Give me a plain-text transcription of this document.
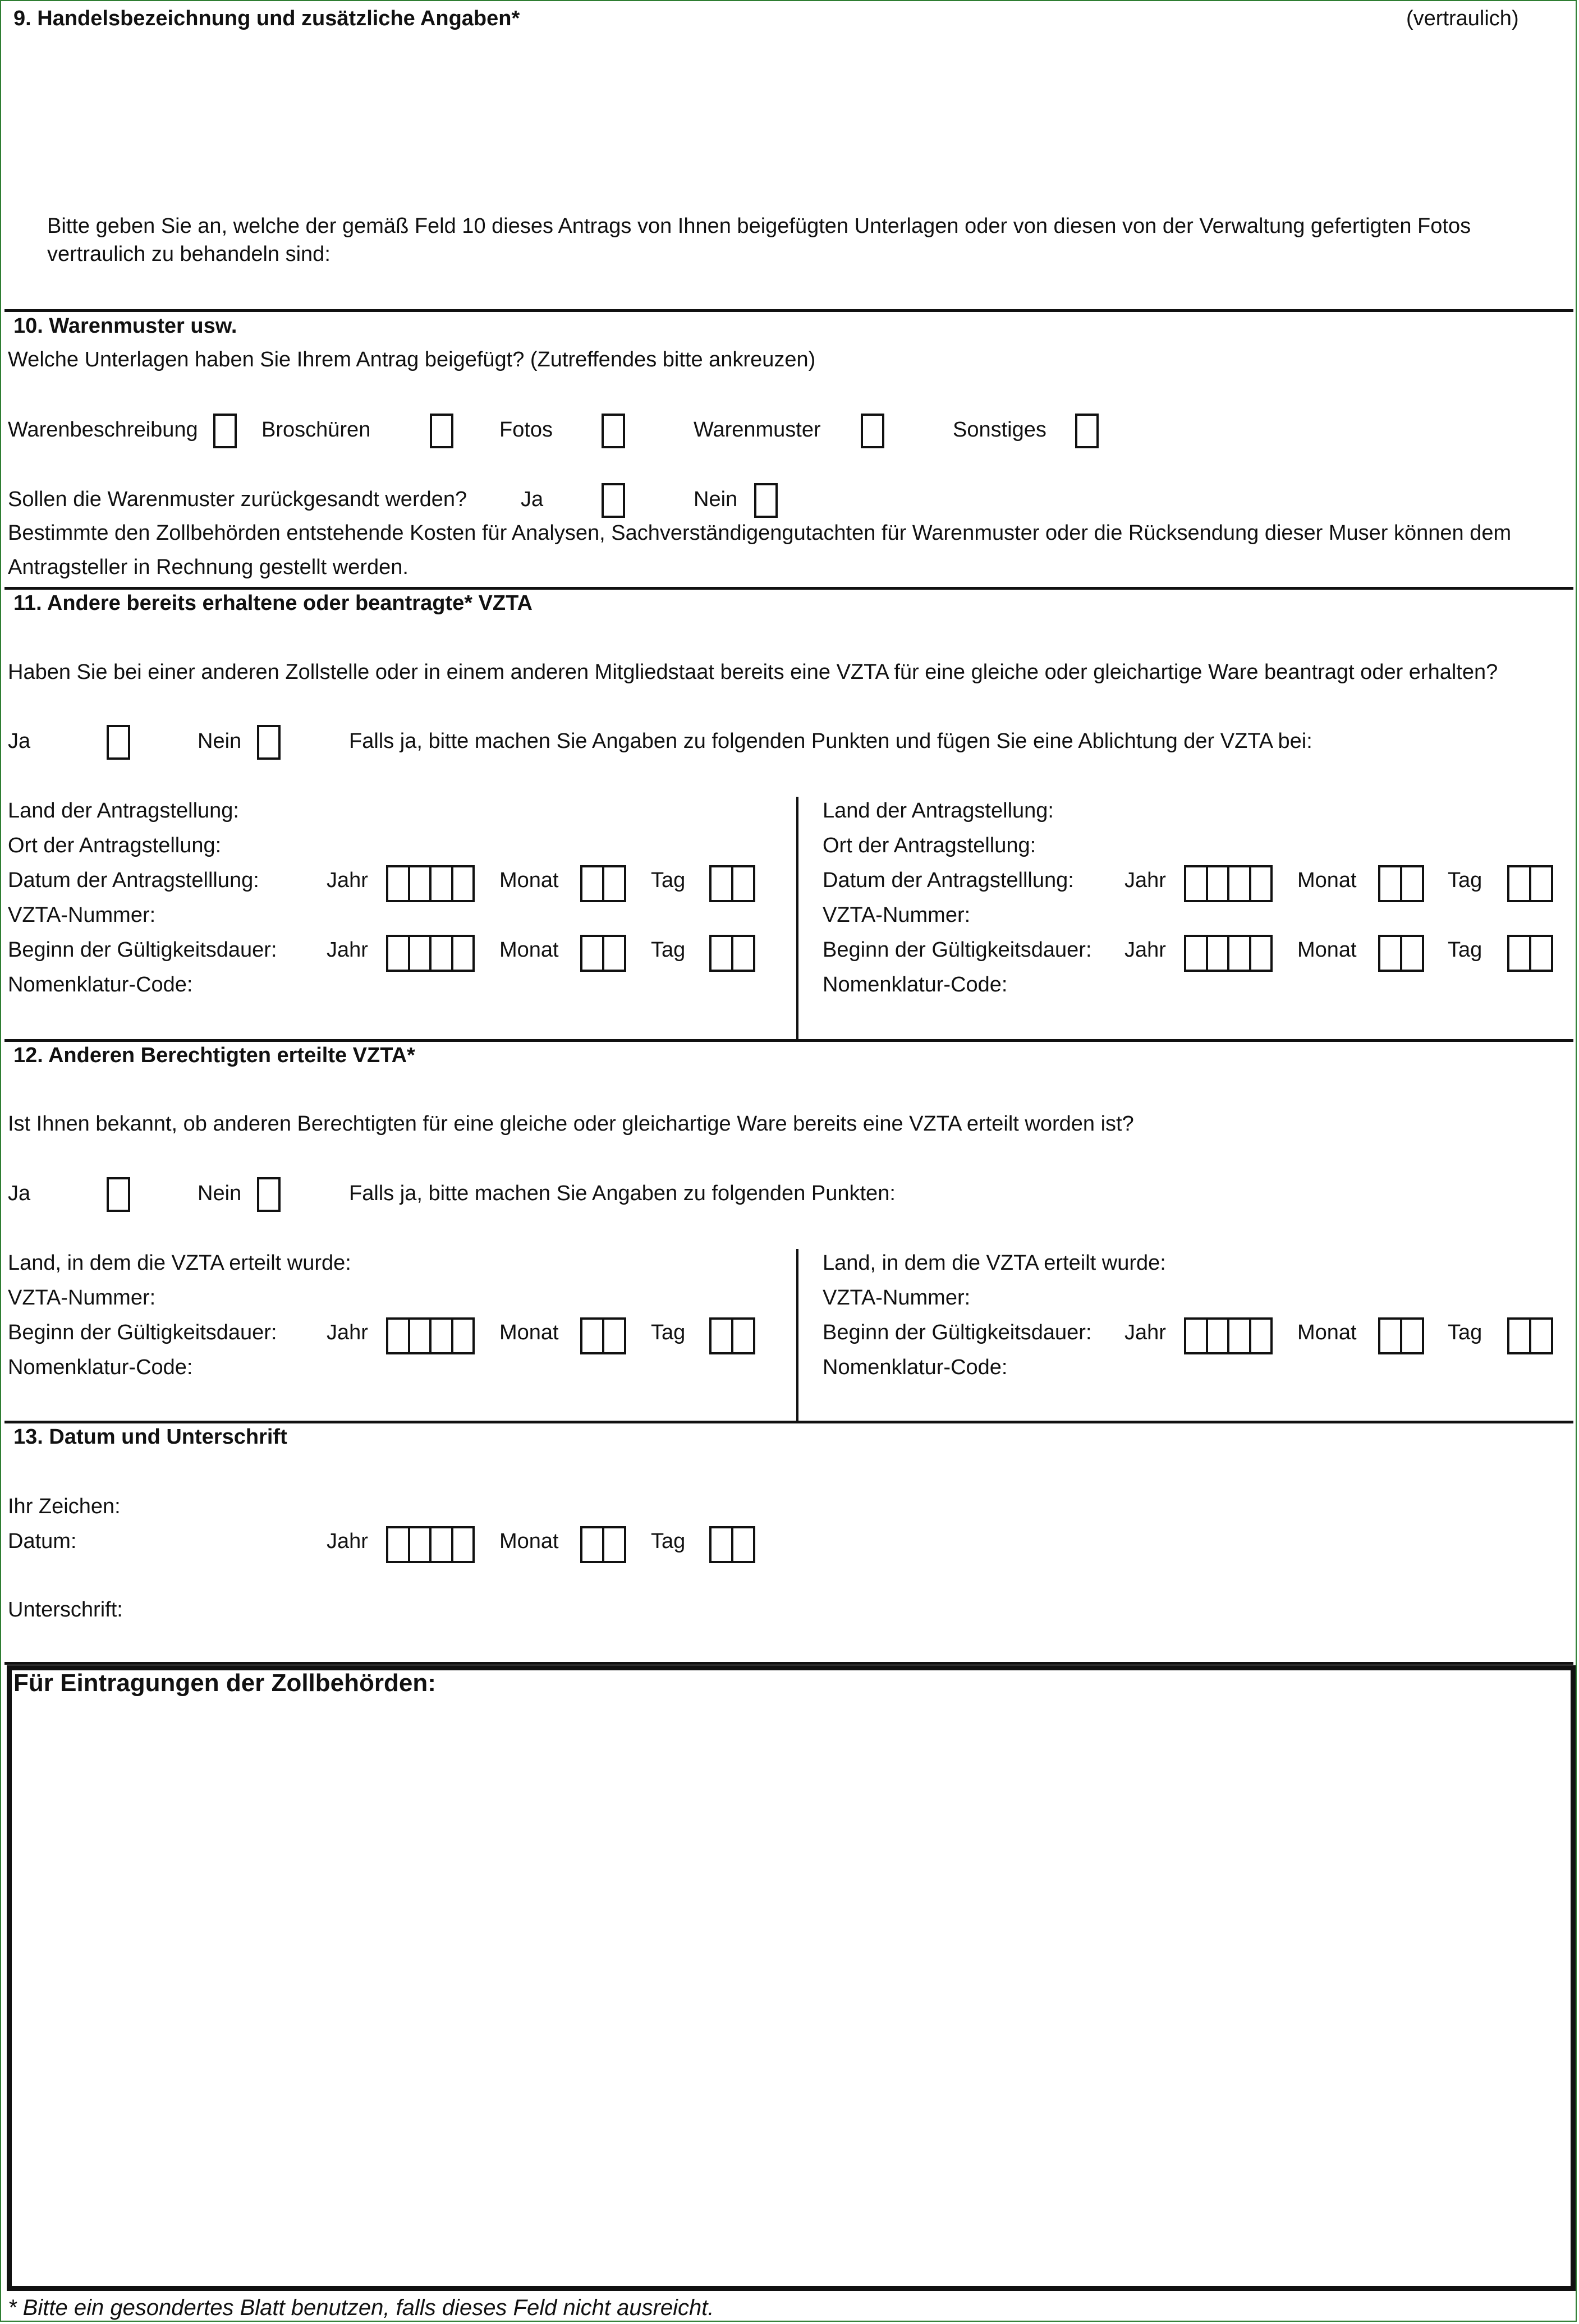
9. Handelsbezeichnung und zusätzliche Angaben*	(vertraulich)
Bitte geben Sie an, welche der gemäß Feld 10 dieses Antrags von Ihnen beigefügten Unterlagen oder von diesen von der Verwaltung gefertigten Fotos
vertraulich zu behandeln sind:
10. Warenmuster usw.
Welche Unterlagen haben Sie Ihrem Antrag beigefügt? (Zutreffendes bitte ankreuzen)
Warenbeschreibung	Broschüren	Fotos	Warenmuster	Sonstiges
Sollen die Warenmuster zurückgesandt werden?	Ja	Nein
Bestimmte den Zollbehörden entstehende Kosten für Analysen, Sachverständigengutachten für Warenmuster oder die Rücksendung dieser Muser können dem
Antragsteller in Rechnung gestellt werden.
11. Andere bereits erhaltene oder beantragte* VZTA
Haben Sie bei einer anderen Zollstelle oder in einem anderen Mitgliedstaat bereits eine VZTA für eine gleiche oder gleichartige Ware beantragt oder erhalten?
Ja	Nein	Falls ja, bitte machen Sie Angaben zu folgenden Punkten und fügen Sie eine Ablichtung der VZTA bei:
Land der Antragstellung:
Ort der Antragstellung:
Datum der Antragstelllung:	Jahr	Monat	Tag
VZTA-Nummer:
Beginn der Gültigkeitsdauer: Jahr	Monat	Tag
Nomenklatur-Code:
Land der Antragstellung:
Ort der Antragstellung:
Datum der Antragstelllung: Jahr	Monat	Tag
VZTA-Nummer:
Beginn der Gültigkeitsdauer: Jahr	Monat	Tag
Nomenklatur-Code:
12. Anderen Berechtigten erteilte VZTA*
Ist Ihnen bekannt, ob anderen Berechtigten für eine gleiche oder gleichartige Ware bereits eine VZTA erteilt worden ist?
Ja	Nein	Falls ja, bitte machen Sie Angaben zu folgenden Punkten:
Land, in dem die VZTA erteilt wurde:
VZTA-Nummer:
Beginn der Gültigkeitsdauer: Jahr	Monat	Tag
Nomenklatur-Code:
Land, in dem die VZTA erteilt wurde:
VZTA-Nummer:
Beginn der Gültigkeitsdauer: Jahr	Monat	Tag
Nomenklatur-Code:
13. Datum und Unterschrift
Ihr Zeichen:
Datum:	Jahr	Monat	Tag
Unterschrift:
Für Eintragungen der Zollbehörden:
* Bitte ein gesondertes Blatt benutzen, falls dieses Feld nicht ausreicht.
